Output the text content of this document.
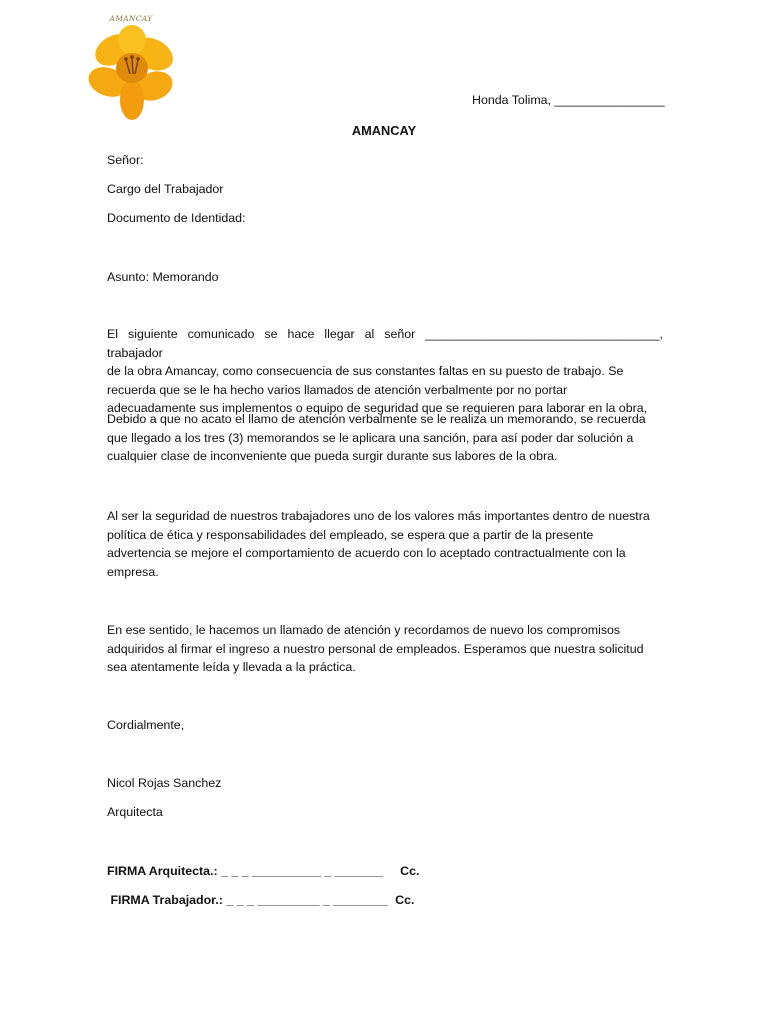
AMANCAY

Honda Tolima, ________________

AMANCAY

Señor:

Cargo del Trabajador

Documento de Identidad:

Asunto: Memorando

El siguiente comunicado se hace llegar al señor __________________________________, trabajador
de la obra Amancay, como consecuencia de sus constantes faltas en su puesto de trabajo. Se
recuerda que se le ha hecho varios llamados de atención verbalmente por no portar
adecuadamente sus implementos o equipo de seguridad que se requieren para laborar en la obra,
Debido a que no acato el llamo de atención verbalmente se le realiza un memorando, se recuerda
que llegado a los tres (3) memorandos se le aplicara una sanción, para así poder dar solución a
cualquier clase de inconveniente que pueda surgir durante sus labores de la obra.
Al ser la seguridad de nuestros trabajadores uno de los valores más importantes dentro de nuestra
política de ética y responsabilidades del empleado, se espera que a partir de la presente
advertencia se mejore el comportamiento de acuerdo con lo aceptado contractualmente con la
empresa.
En ese sentido, le hacemos un llamado de atención y recordamos de nuevo los compromisos
adquiridos al firmar el ingreso a nuestro personal de empleados. Esperamos que nuestra solicitud
sea atentamente leída y llevada a la práctica.

Cordialmente,

Nicol Rojas Sanchez

Arquitecta

FIRMA Arquitecta.: _ _ _ __________ _ _______     Cc.

FIRMA Trabajador.: _ _ _ _________ _ ________  Cc.
